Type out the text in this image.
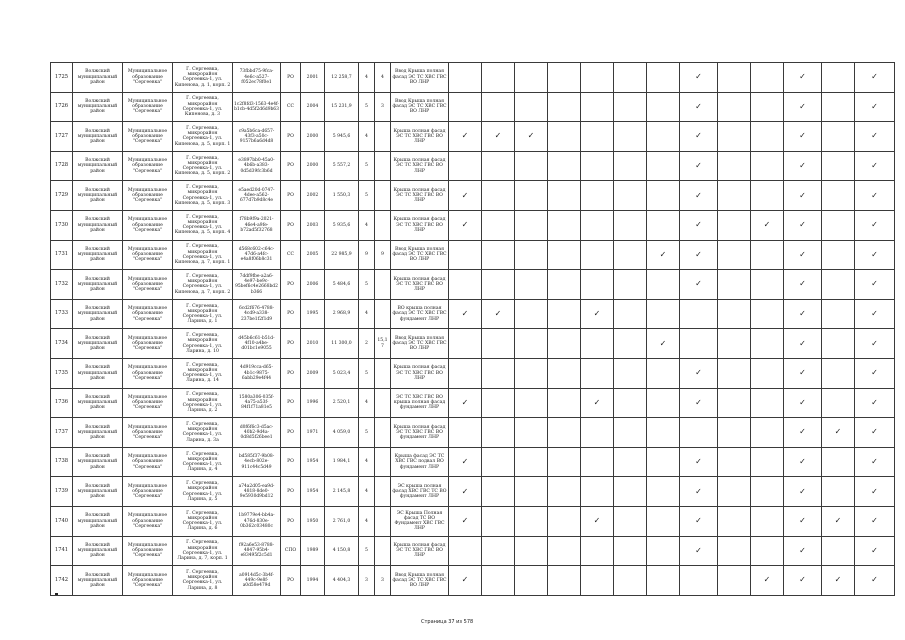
1725	Волжский муниципальный район	Муниципальное образование "Сергеевка"	Г. Сергеевка, микрорайон Сергеевка-1, ул. Кипенова, д. 1, корп. 2	73fbbd75-9fca-4e6c-a527-f052ec78f0e1	РО	2001	12 258,7	4	4	Ввод Крыша полная фасад ЭС ТС ХВС ГВС ВО ЛНР								✓			✓		✓
1726	Волжский муниципальный район	Муниципальное образование "Сергеевка"	Г. Сергеевка, микрорайон Сергеевка-1, ул. Кипенова, д. 3	1c2f8fd3-1563-4e4f-b1cb-4d5f2d6d9b63	СС	2004	15 231,9	5	3	Ввод Крыша полная фасад ЭС ТС ХВС ГВС ВО ЛНР								✓			✓		✓
1727	Волжский муниципальный район	Муниципальное образование "Сергеевка"	Г. Сергеевка, микрорайон Сергеевка-1, ул. Кипенова, д. 5, корп. 1	c9a5b6ca-d657-43f3-a50c-9157b6a6d4d8	РО	2000	5 945,6	4		Крыша полная фасад ЭС ТС ХВС ГВС ВО ЛНР	✓	✓	✓					✓			✓		✓
1728	Волжский муниципальный район	Муниципальное образование "Сергеевка"	Г. Сергеевка, микрорайон Сергеевка-1, ул. Кипенова, д. 5, корп. 2	e3897bb0-45a0-4b6b-a383-0d5d39fc3b6d	РО	2000	5 557,2	5		Крыша полная фасад ЭС ТС ХВС ГВС ВО ЛНР								✓			✓		✓
1729	Волжский муниципальный район	Муниципальное образование "Сергеевка"	Г. Сергеевка, микрорайон Сергеевка-1, ул. Кипенова, д. 5, корп. 3	e5aed20d-0747-4dee-a562-677d7b9d8c4e	РО	2002	1 550,3	5		Крыша полная фасад ЭС ТС ХВС ГВС ВО ЛНР	✓							✓			✓		✓
1730	Волжский муниципальный район	Муниципальное образование "Сергеевка"	Г. Сергеевка, микрорайон Сергеевка-1, ул. Кипенова, д. 5, корп. 4	f78b9f9a-2021-46e4-a9fe-b72ad5f32768	РО	2003	5 935,6	4		Крыша полная фасад ЭС ТС ХВС ГВС ВО ЛНР	✓							✓		✓	✓		✓
1731	Волжский муниципальный район	Муниципальное образование "Сергеевка"	Г. Сергеевка, микрорайон Сергеевка-1, ул. Кипенова, д. 7, корп. 1	d568c602-c64c-47d6-a4fc-e4a8f06b8c31	СС	2005	22 985,9	9	9	Ввод Крыша полная фасад ЭС ТС ХВС ГВС ВО ЛНР							✓	✓			✓		✓
1732	Волжский муниципальный район	Муниципальное образование "Сергеевка"	Г. Сергеевка, микрорайон Сергеевка-1, ул. Кипенова, д. 7, корп. 2	7ddf9fbe-a2a6-4e97-be9c-95bef6c4e2668bd2b366	РО	2006	5 484,6	5		Крыша полная фасад ЭС ТС ХВС ГВС ВО ЛНР								✓			✓		✓
1733	Волжский муниципальный район	Муниципальное образование "Сергеевка"	Г. Сергеевка, микрорайон Сергеевка-1, ул. Ларина, д. 1	6cd2f676-4788-4cd9-a338-237be1f2f1d9	РО	1995	2 968,9	4		ВО крыша полная фасад ЭС ТС ХВС ГВС фундамент ЛНР	✓	✓			✓						✓		✓
1734	Волжский муниципальный район	Муниципальное образование "Сергеевка"	Г. Сергеевка, микрорайон Сергеевка-1, ул. Ларина, д. 10	d45b6c61-b51d-4f10-a4be-d01bc1e9055	РО	2010	11 300,0	2	15,17	Ввод Крыша полная фасад ЭС ТС ХВС ГВС ВО ЛНР							✓				✓		✓
1735	Волжский муниципальный район	Муниципальное образование "Сергеевка"	Г. Сергеевка, микрорайон Сергеевка-1, ул. Ларина, д. 14	4d919cca-d65-4b1c-9875-6abb29e4f44	РО	2009	5 023,4	5		Крыша полная фасад ЭС ТС ХВС ГВС ВО ЛНР								✓			✓		✓
1736	Волжский муниципальный район	Муниципальное образование "Сергеевка"	Г. Сергеевка, микрорайон Сергеевка-1, ул. Ларина, д. 2	1580a306-035f-4a75-a53f-84f1f71a81e5	РО	1996	2 520,1	4		ЭС ТС ХВС ГВС ВО крыша полная фасад фундамент ЛНР	✓				✓			✓			✓		✓
1737	Волжский муниципальный район	Муниципальное образование "Сергеевка"	Г. Сергеевка, микрорайон Сергеевка-1, ул. Ларина, д. 3а	d0f6f6c3-d5ac-40b2-9d4a-0d8d5f26bee1	РО	1971	4 059,0	5		Крыша полная фасад ЭС ТС ХВС ГВС ВО фундамент ЛНР											✓	✓	✓
1738	Волжский муниципальный район	Муниципальное образование "Сергеевка"	Г. Сергеевка, микрорайон Сергеевка-1, ул. Ларина, д. 4	bd585f37-9b08-4ecb-802e-911c44c5d49	РО	1954	1 984,1	4		Крыша фасад ЭС ТС ХВС ГВС подвал ВО фундамент ЛНР	✓							✓			✓		✓
1739	Волжский муниципальный район	Муниципальное образование "Сергеевка"	Г. Сергеевка, микрорайон Сергеевка-1, ул. Ларина, д. 5	a74a2d05-ea9d-4818-8de0-9e5930d9bd12	РО	1954	2 145,8	4		ЭС крыша полная фасад ХВС ГВС ТС ВО фундамент ЛНР	✓							✓			✓		✓
1740	Волжский муниципальный район	Муниципальное образование "Сергеевка"	Г. Сергеевка, микрорайон Сергеевка-1, ул. Ларина, д. 6	1b9779e4-bb4a-476d-830e-0b362c03480c	РО	1950	2 761,0	4		ЭС Крыша Полная фасад ТС ВО Фундамент ХВС ГВС ЛНР	✓				✓			✓			✓	✓	✓
1741	Волжский муниципальный район	Муниципальное образование "Сергеевка"	Г. Сергеевка, микрорайон Сергеевка-1, ул. Ларина, д. 7, корп. 1	f92a6e53-8788-4847-95b4-e83495f2c5d1	СПО	1989	4 150,8	5		Крыша полная фасад ЭС ТС ХВС ГВС ВО ЛНР								✓			✓		✓
1742	Волжский муниципальный район	Муниципальное образование "Сергеевка"	Г. Сергеевка, микрорайон Сергеевка-1, ул. Ларина, д. 8	a0914d5c-3b4f-449c-9e8f-a0d58e479d	РО	1994	4 404,3	3	3	Ввод Крыша полная фасад ЭС ТС ХВС ГВС ВО ЛНР	✓									✓	✓	✓	✓
Страница 37 из 578
